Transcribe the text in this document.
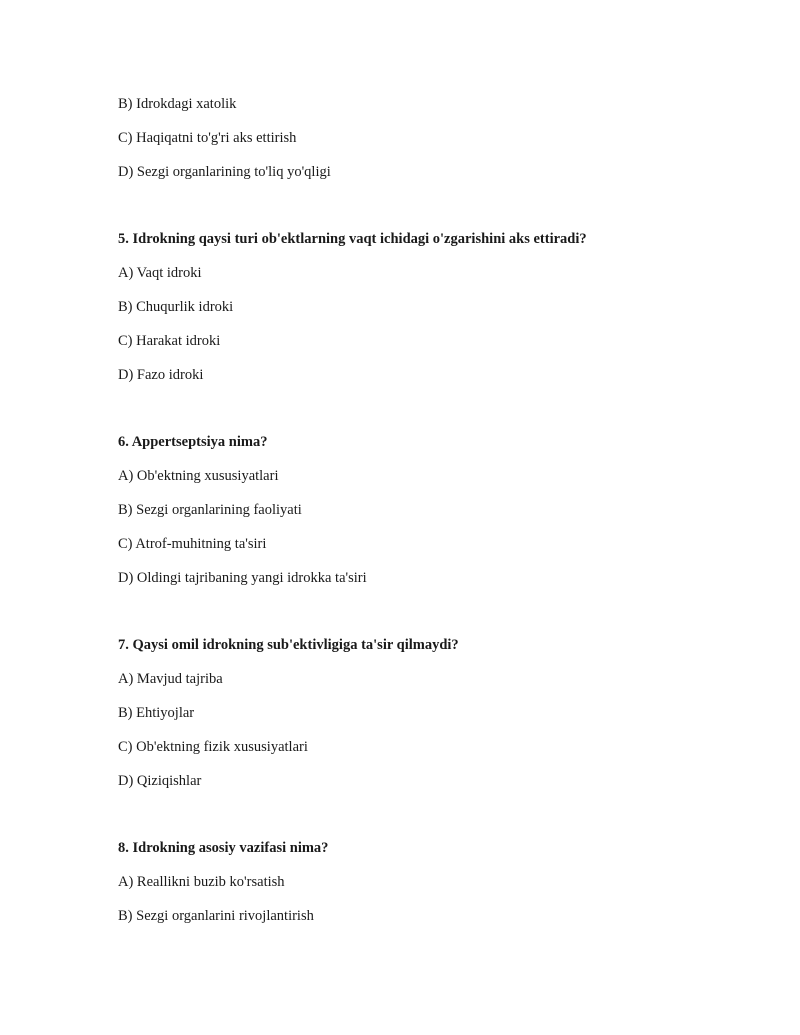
B) Idrokdagi xatolik
C) Haqiqatni to'g'ri aks ettirish
D) Sezgi organlarining to'liq yo'qligi
5. Idrokning qaysi turi ob'ektlarning vaqt ichidagi o'zgarishini aks ettiradi?
A) Vaqt idroki
B) Chuqurlik idroki
C) Harakat idroki
D) Fazo idroki
6. Appertseptsiya nima?
A) Ob'ektning xususiyatlari
B) Sezgi organlarining faoliyati
C) Atrof-muhitning ta'siri
D) Oldingi tajribaning yangi idrokka ta'siri
7. Qaysi omil idrokning sub'ektivligiga ta'sir qilmaydi?
A) Mavjud tajriba
B) Ehtiyojlar
C) Ob'ektning fizik xususiyatlari
D) Qiziqishlar
8. Idrokning asosiy vazifasi nima?
A) Reallikni buzib ko'rsatish
B) Sezgi organlarini rivojlantirish
